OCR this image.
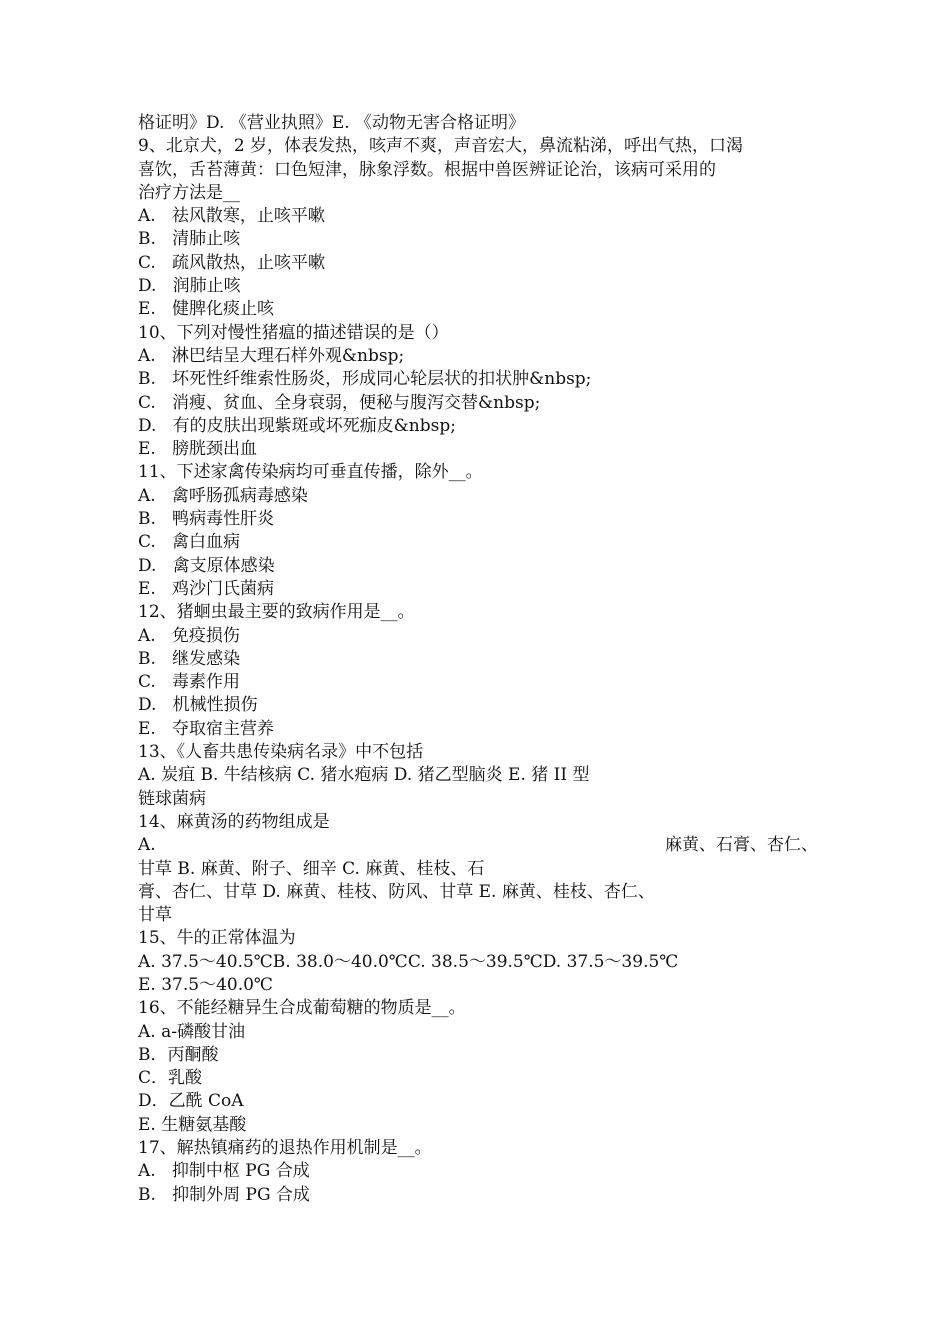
格证明》D. 《营业执照》E. 《动物无害合格证明》
9、北京犬，2 岁，体表发热，咳声不爽，声音宏大，鼻流粘涕，呼出气热，口渴
喜饮，舌苔薄黄：口色短津，脉象浮数。根据中兽医辨证论治，该病可采用的
治疗方法是__
A.   祛风散寒，止咳平嗽
B.   清肺止咳
C.   疏风散热，止咳平嗽
D.   润肺止咳
E.   健脾化痰止咳
10、下列对慢性猪瘟的描述错误的是（）
A.   淋巴结呈大理石样外观&nbsp;
B.   坏死性纤维索性肠炎，形成同心轮层状的扣状肿&nbsp;
C.   消瘦、贫血、全身衰弱，便秘与腹泻交替&nbsp;
D.   有的皮肤出现紫斑或坏死痂皮&nbsp;
E.   膀胱颈出血
11、下述家禽传染病均可垂直传播，除外__。
A.   禽呼肠孤病毒感染
B.   鸭病毒性肝炎
C.   禽白血病
D.   禽支原体感染
E.   鸡沙门氏菌病
12、猪蛔虫最主要的致病作用是__。
A.   免疫损伤
B.   继发感染
C.   毒素作用
D.   机械性损伤
E.   夺取宿主营养
13、《人畜共患传染病名录》中不包括
A. 炭疽 B. 牛结核病 C. 猪水疱病 D. 猪乙型脑炎 E. 猪 II 型
链球菌病
14、麻黄汤的药物组成是
A.	麻黄、石膏、杏仁、
甘草 B. 麻黄、附子、细辛 C. 麻黄、桂枝、石
膏、杏仁、甘草 D. 麻黄、桂枝、防风、甘草 E. 麻黄、桂枝、杏仁、
甘草
15、牛的正常体温为
A. 37.5～40.5℃B. 38.0～40.0℃C. 38.5～39.5℃D. 37.5～39.5℃
E. 37.5～40.0℃
16、不能经糖异生合成葡萄糖的物质是__。
A. a-磷酸甘油
B．丙酮酸
C．乳酸
D．乙酰 CoA
E. 生糖氨基酸
17、解热镇痛药的退热作用机制是__。
A.   抑制中枢 PG 合成
B.   抑制外周 PG 合成
